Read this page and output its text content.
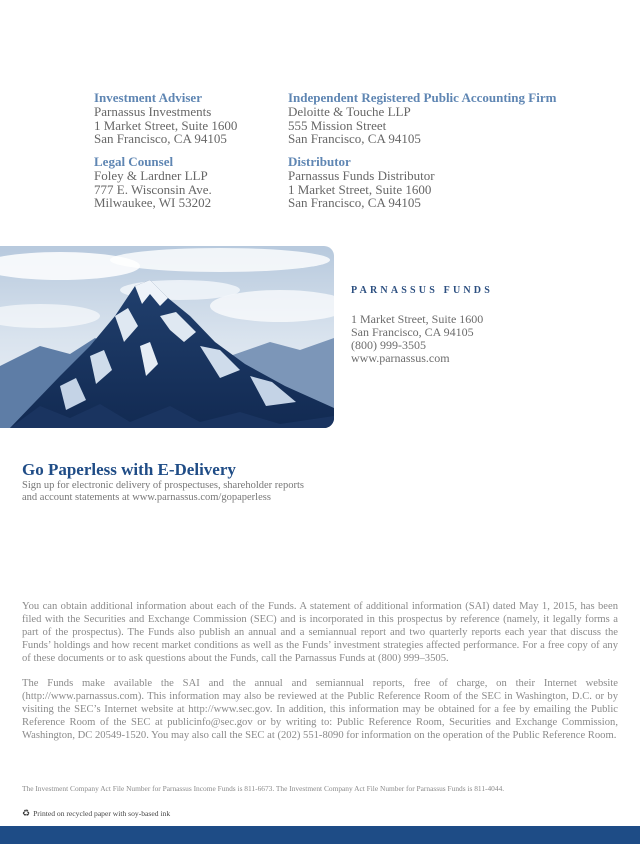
Investment Adviser
Parnassus Investments
1 Market Street, Suite 1600
San Francisco, CA 94105
Independent Registered Public Accounting Firm
Deloitte & Touche LLP
555 Mission Street
San Francisco, CA 94105
Legal Counsel
Foley & Lardner LLP
777 E. Wisconsin Ave.
Milwaukee, WI 53202
Distributor
Parnassus Funds Distributor
1 Market Street, Suite 1600
San Francisco, CA 94105
PARNASSUS FUNDS
1 Market Street, Suite 1600
San Francisco, CA 94105
(800) 999-3505
www.parnassus.com
Go Paperless with E-Delivery
Sign up for electronic delivery of prospectuses, shareholder reports
and account statements at www.parnassus.com/gopaperless

You can obtain additional information about each of the Funds. A statement of additional information (SAI) dated May 1, 2015, has been filed with the Securities and Exchange Commission (SEC) and is incorporated in this prospectus by reference (namely, it legally forms a part of the prospectus). The Funds also publish an annual and a semiannual report and two quarterly reports each year that discuss the Funds’ holdings and how recent market conditions as well as the Funds’ investment strategies affected performance. For a free copy of any of these documents or to ask questions about the Funds, call the Parnassus Funds at (800) 999–3505.

The Funds make available the SAI and the annual and semiannual reports, free of charge, on their Internet website (http://www.parnassus.com). This information may also be reviewed at the Public Reference Room of the SEC in Washington, D.C. or by visiting the SEC’s Internet website at http://www.sec.gov. In addition, this information may be obtained for a fee by emailing the Public Reference Room of the SEC at publicinfo@sec.gov or by writing to: Public Reference Room, Securities and Exchange Commission, Washington, DC 20549-1520. You may also call the SEC at (202) 551-8090 for information on the operation of the Public Reference Room.

The Investment Company Act File Number for Parnassus Income Funds is 811-6673. The Investment Company Act File Number for Parnassus Funds is 811-4044.
♻ Printed on recycled paper with soy-based ink
